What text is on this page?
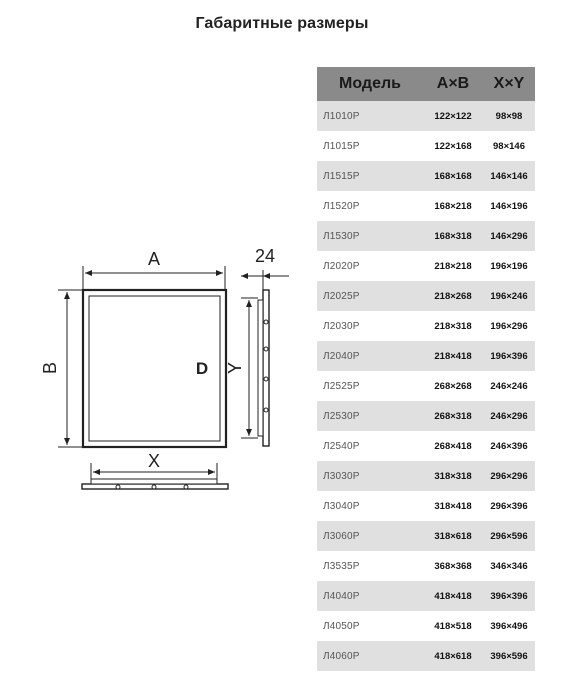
Габаритные размеры
A
B	D
X
24
Y
Модель	A×B	X×Y
Л1010Р	122×122	98×98
Л1015Р	122×168	98×146
Л1515Р	168×168	146×146
Л1520Р	168×218	146×196
Л1530Р	168×318	146×296
Л2020Р	218×218	196×196
Л2025Р	218×268	196×246
Л2030Р	218×318	196×296
Л2040Р	218×418	196×396
Л2525Р	268×268	246×246
Л2530Р	268×318	246×296
Л2540Р	268×418	246×396
Л3030Р	318×318	296×296
Л3040Р	318×418	296×396
Л3060Р	318×618	296×596
Л3535Р	368×368	346×346
Л4040Р	418×418	396×396
Л4050Р	418×518	396×496
Л4060Р	418×618	396×596
